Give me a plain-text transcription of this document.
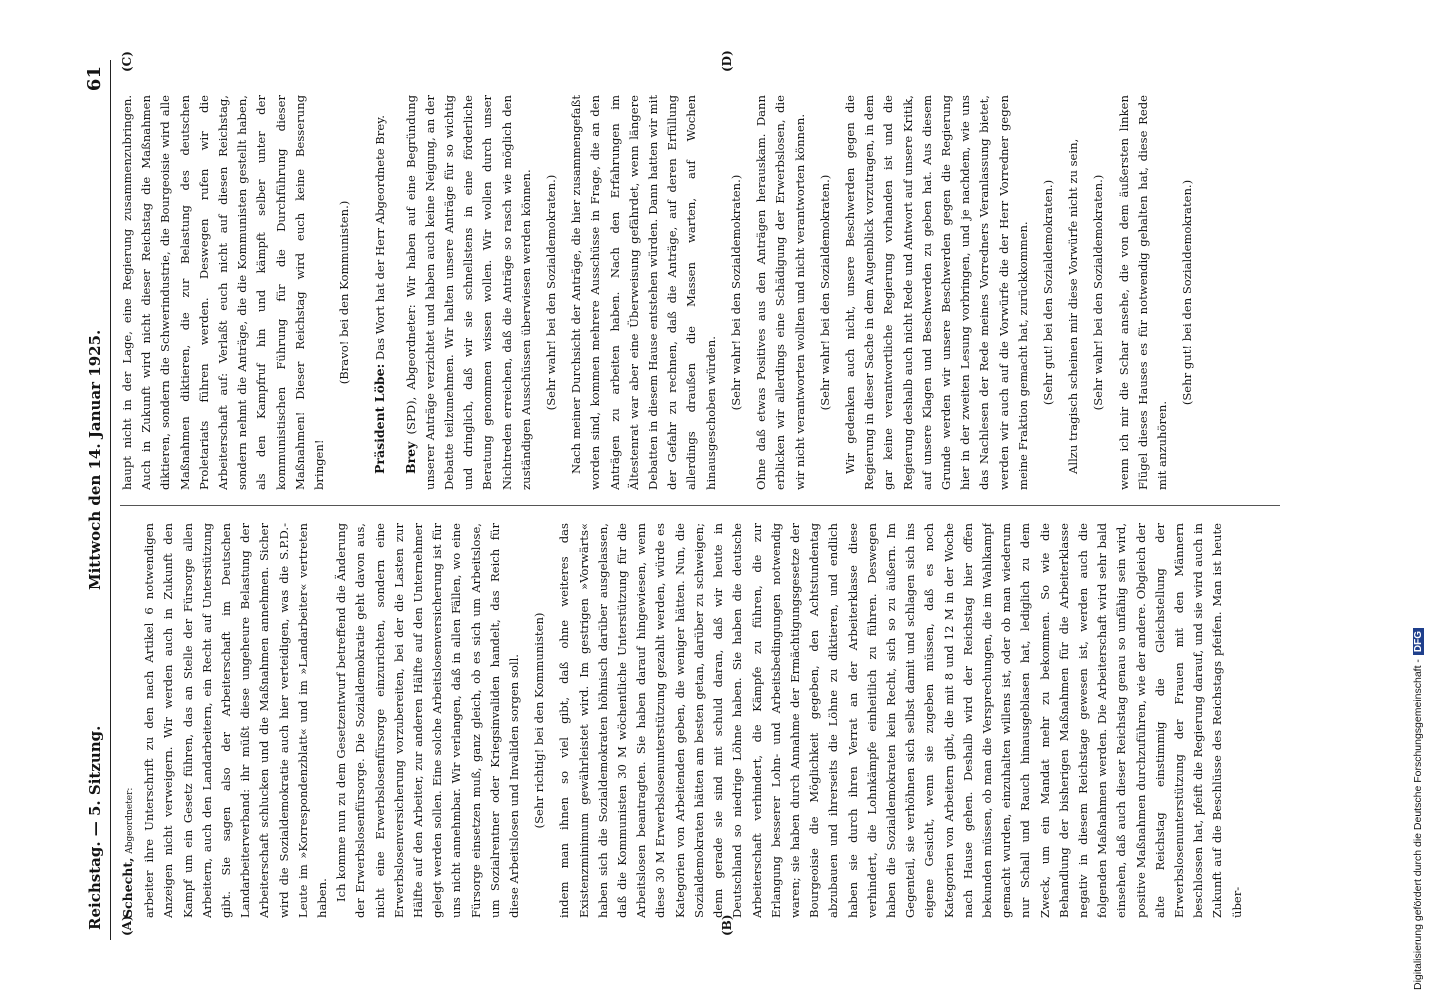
Reichstag. — 5. Sitzung.
Mittwoch den 14. Januar 1925.
61
(A)	(B)
(C)	(D)

Schecht, Abgeordneter: arbeiter ihre Unterschrift zu den nach Artikel 6 notwendigen Anzeigen nicht verweigern. Wir werden auch in Zukunft den Kampf um ein Gesetz führen, das an Stelle der Fürsorge allen Arbeitern, auch den Landarbeitern, ein Recht auf Unterstützung gibt. Sie sagen also der Arbeiterschaft im Deutschen Landarbeiterverband: ihr müßt diese ungeheure Belastung der Arbeiterschaft schlucken und die Maßnahmen annehmen. Sicher wird die Sozialdemokratie auch hier verteidigen, was die S.P.D.-Leute im »Korrespondenzblatt« und im »Landarbeiter« vertreten haben. Ich komme nun zu dem Gesetzentwurf betreffend die Änderung der Erwerbslosenfürsorge. Die Sozialdemokratie geht davon aus, nicht eine Erwerbslosenfürsorge einzurichten, sondern eine Erwerbslosenversicherung vorzubereiten, bei der die Lasten zur Hälfte auf den Arbeiter, zur anderen Hälfte auf den Unternehmer gelegt werden sollen. Eine solche Arbeitslosenversicherung ist für uns nicht annehmbar. Wir verlangen, daß in allen Fällen, wo eine Fürsorge einsetzen muß, ganz gleich, ob es sich um Arbeitslose, um Sozialrentner oder Kriegsinvaliden handelt, das Reich für diese Arbeitslosen und Invaliden sorgen soll. (Sehr richtig! bei den Kommunisten) indem man ihnen so viel gibt, daß ohne weiteres das Existenzminimum gewährleistet wird. Im gestrigen »Vorwärts« haben sich die Sozialdemokraten höhnisch darüber ausgelassen, daß die Kommunisten 30 M wöchentliche Unterstützung für die Arbeitslosen beantragten. Sie haben darauf hingewiesen, wenn diese 30 M Erwerbslosenunterstützung gezahlt werden, würde es Kategorien von Arbeitenden geben, die weniger hätten. Nun, die Sozialdemokraten hätten am besten getan, darüber zu schweigen; denn gerade sie sind mit schuld daran, daß wir heute in Deutschland so niedrige Löhne haben. Sie haben die deutsche Arbeiterschaft verhindert, die Kämpfe zu führen, die zur Erlangung besserer Lohn- und Arbeitsbedingungen notwendig waren; sie haben durch Annahme der Ermächtigungsgesetze der Bourgeoisie die Möglichkeit gegeben, den Achtstundentag abzubauen und ihrerseits die Löhne zu diktieren, und endlich haben sie durch ihren Verrat an der Arbeiterklasse diese verhindert, die Lohnkämpfe einheitlich zu führen. Deswegen haben die Sozialdemokraten kein Recht, sich so zu äußern. Im Gegenteil, sie verhöhnen sich selbst damit und schlagen sich ins eigene Gesicht, wenn sie zugeben müssen, daß es noch Kategorien von Arbeitern gibt, die mit 8 und 12 M in der Woche nach Hause gehen. Deshalb wird der Reichstag hier offen bekunden müssen, ob man die Versprechungen, die im Wahlkampf gemacht wurden, einzuhalten willens ist, oder ob man wiederum nur Schall und Rauch hinausgeblasen hat, lediglich zu dem Zweck, um ein Mandat mehr zu bekommen. So wie die Behandlung der bisherigen Maßnahmen für die Arbeiterklasse negativ in diesem Reichstage gewesen ist, werden auch die folgenden Maßnahmen werden. Die Arbeiterschaft wird sehr bald einsehen, daß auch dieser Reichstag genau so unfähig sein wird, positive Maßnahmen durchzuführen, wie der andere. Obgleich der alte Reichstag einstimmig die Gleichstellung der Erwerbslosenunterstützung der Frauen mit den Männern beschlossen hat, pfeift die Regierung darauf, und sie wird auch in Zukunft auf die Beschlüsse des Reichstags pfeifen. Man ist heute über-

haupt nicht in der Lage, eine Regierung zusammenzubringen. Auch in Zukunft wird nicht dieser Reichstag die Maßnahmen diktieren, sondern die Schwerindustrie, die Bourgeoisie wird alle Maßnahmen diktieren, die zur Belastung des deutschen Proletariats führen werden. Deswegen rufen wir die Arbeiterschaft auf: Verlaßt euch nicht auf diesen Reichstag, sondern nehmt die Anträge, die die Kommunisten gestellt haben, als den Kampfruf hin und kämpft selber unter der kommunistischen Führung für die Durchführung dieser Maßnahmen! Dieser Reichstag wird euch keine Besserung bringen!

(Bravo! bei den Kommunisten.)

Präsident Löbe: Das Wort hat der Herr Abgeordnete Brey.

Brey (SPD), Abgeordneter: Wir haben auf eine Begründung unserer Anträge verzichtet und haben auch keine Neigung, an der Debatte teilzunehmen. Wir halten unsere Anträge für so wichtig und dringlich, daß wir sie schnellstens in eine förderliche Beratung genommen wissen wollen. Wir wollen durch unser Nichtreden erreichen, daß die Anträge so rasch wie möglich den zuständigen Ausschüssen überwiesen werden können. (Sehr wahr! bei den Sozialdemokraten.) Nach meiner Durchsicht der Anträge, die hier zusammengefaßt worden sind, kommen mehrere Ausschüsse in Frage, die an den Anträgen zu arbeiten haben. Nach den Erfahrungen im Ältestenrat war aber eine Überweisung gefährdet, wenn längere Debatten in diesem Hause entstehen würden. Dann hatten wir mit der Gefahr zu rechnen, daß die Anträge, auf deren Erfüllung allerdings draußen die Massen warten, auf Wochen hinausgeschoben würden.

(Sehr wahr! bei den Sozialdemokraten.) Ohne daß etwas Positives aus den Anträgen herauskam. Dann erblicken wir allerdings eine Schädigung der Erwerbslosen, die wir nicht verantworten wollten und nicht verantworten können. (Sehr wahr! bei den Sozialdemokraten.) Wir gedenken auch nicht, unsere Beschwerden gegen die Regierung in dieser Sache in dem Augenblick vorzutragen, in dem gar keine verantwortliche Regierung vorhanden ist und die Regierung deshalb auch nicht Rede und Antwort auf unsere Kritik, auf unsere Klagen und Beschwerden zu geben hat. Aus diesem Grunde werden wir unsere Beschwerden gegen die Regierung hier in der zweiten Lesung vorbringen, und je nachdem, wie uns das Nachlesen der Rede meines Vorredners Veranlassung bietet, werden wir auch auf die Vorwürfe die der Herr Vorredner gegen meine Fraktion gemacht hat, zurückkommen. (Sehr gut! bei den Sozialdemokraten.) Allzu tragisch scheinen mir diese Vorwürfe nicht zu sein, (Sehr wahr! bei den Sozialdemokraten.) wenn ich mir die Schar ansehe, die von dem äußersten linken Flügel dieses Hauses es für notwendig gehalten hat, diese Rede mit anzuhören.

(Sehr gut! bei den Sozialdemokraten.)

Digitalisierung gefördert durch die Deutsche Forschungsgemeinschaft -DFG
